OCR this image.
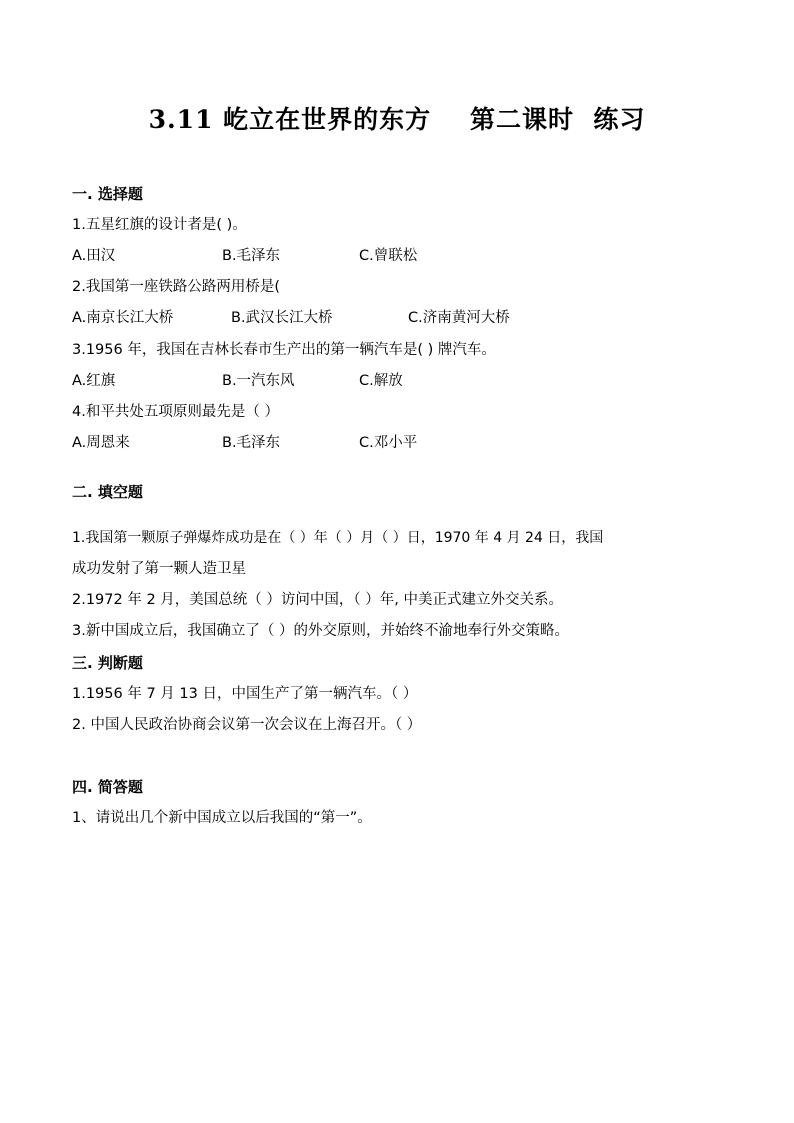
3.11 屹立在世界的东方    第二课时  练习
一. 选择题
1.五星红旗的设计者是( )。
A.田汉	B.毛泽东	C.曾联松
2.我国第一座铁路公路两用桥是(
A.南京长江大桥	B.武汉长江大桥	C.济南黄河大桥
3.1956 年，我国在吉林长春市生产出的第一辆汽车是( ) 牌汽车。
A.红旗	B.一汽东风	C.解放
4.和平共处五项原则最先是（ ）
A.周恩来	B.毛泽东	C.邓小平
二. 填空题
1.我国第一颗原子弹爆炸成功是在（ ）年（ ）月（ ）日，1970 年 4 月 24 日，我国
成功发射了第一颗人造卫星
2.1972 年 2 月，美国总统（ ）访问中国，（ ）年, 中美正式建立外交关系。
3.新中国成立后，我国确立了（ ）的外交原则，并始终不渝地奉行外交策略。
三. 判断题
1.1956 年 7 月 13 日，中国生产了第一辆汽车。（ ）
2. 中国人民政治协商会议第一次会议在上海召开。（ ）
四. 简答题
1、请说出几个新中国成立以后我国的“第一”。
